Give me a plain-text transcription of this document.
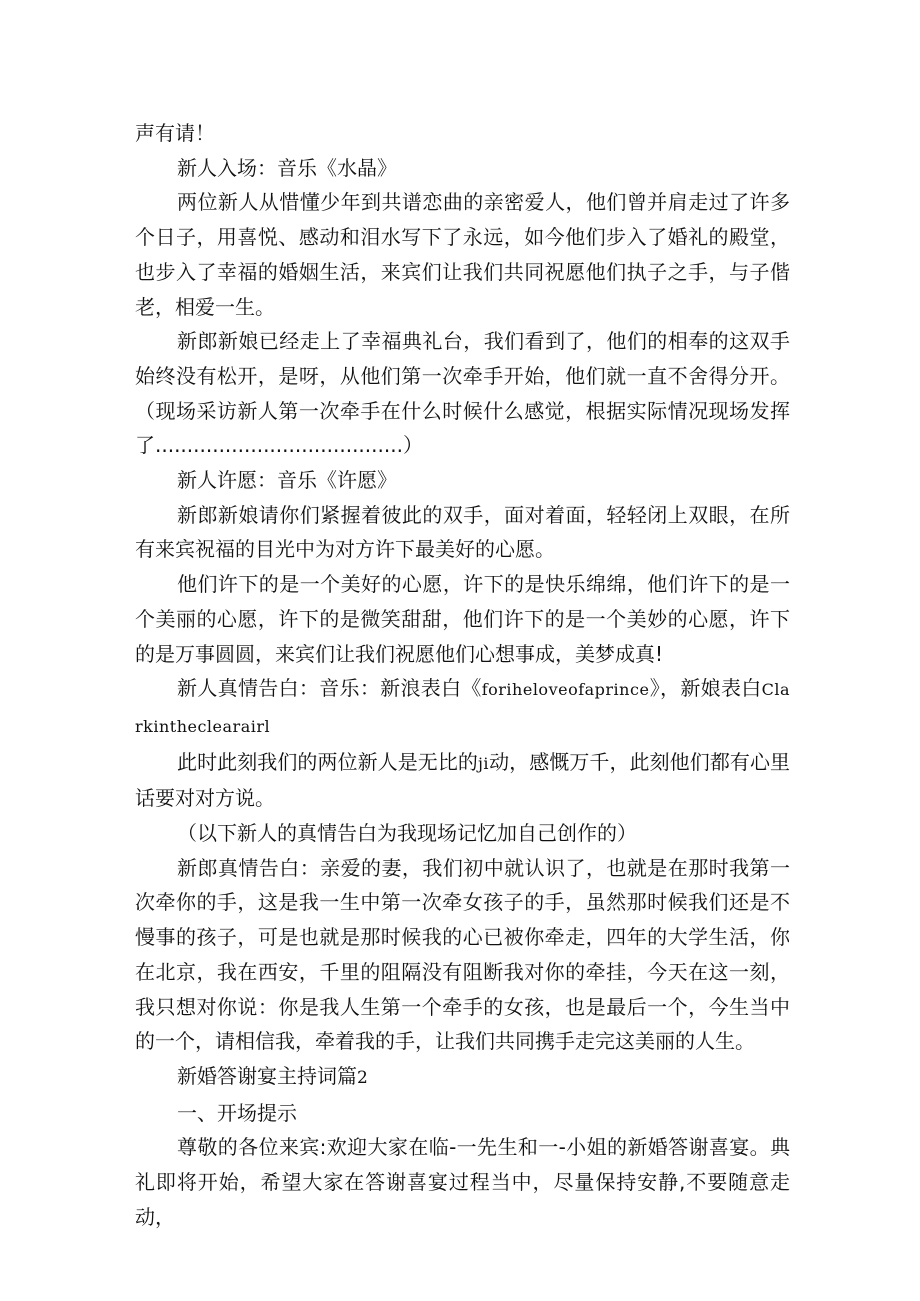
声有请！

新人入场：音乐《水晶》

两位新人从惜懂少年到共谱恋曲的亲密爱人，他们曾并肩走过了许多个日子，用喜悦、感动和泪水写下了永远，如今他们步入了婚礼的殿堂，也步入了幸福的婚姻生活，来宾们让我们共同祝愿他们执子之手，与子偕老，相爱一生。

新郎新娘已经走上了幸福典礼台，我们看到了，他们的相奉的这双手始终没有松开，是呀，从他们第一次牵手开始，他们就一直不舍得分开。（现场采访新人第一次牵手在什么时候什么感觉，根据实际情况现场发挥了.......................................）

新人许愿：音乐《许愿》

新郎新娘请你们紧握着彼此的双手，面对着面，轻轻闭上双眼，在所有来宾祝福的目光中为对方许下最美好的心愿。

他们许下的是一个美好的心愿，许下的是快乐绵绵，他们许下的是一个美丽的心愿，许下的是微笑甜甜，他们许下的是一个美妙的心愿，许下的是万事圆圆，来宾们让我们祝愿他们心想事成，美梦成真!

新人真情告白：音乐：新浪表白《forihelovеofaprince》，新娘表白Clarkintheclearairl

此时此刻我们的两位新人是无比的ji动，感慨万千，此刻他们都有心里话要对对方说。

（以下新人的真情告白为我现场记忆加自己创作的）

新郎真情告白：亲爱的妻，我们初中就认识了，也就是在那时我第一次牵你的手，这是我一生中第一次牵女孩子的手，虽然那时候我们还是不慢事的孩子，可是也就是那时候我的心已被你牵走，四年的大学生活，你在北京，我在西安，千里的阻隔没有阻断我对你的牵挂，今天在这一刻，我只想对你说：你是我人生第一个牵手的女孩，也是最后一个，今生当中的一个，请相信我，牵着我的手，让我们共同携手走完这美丽的人生。

新婚答谢宴主持词篇2

一、开场提示

尊敬的各位来宾:欢迎大家在临-一先生和一-小姐的新婚答谢喜宴。典礼即将开始，希望大家在答谢喜宴过程当中，尽量保持安静,不要随意走动，
